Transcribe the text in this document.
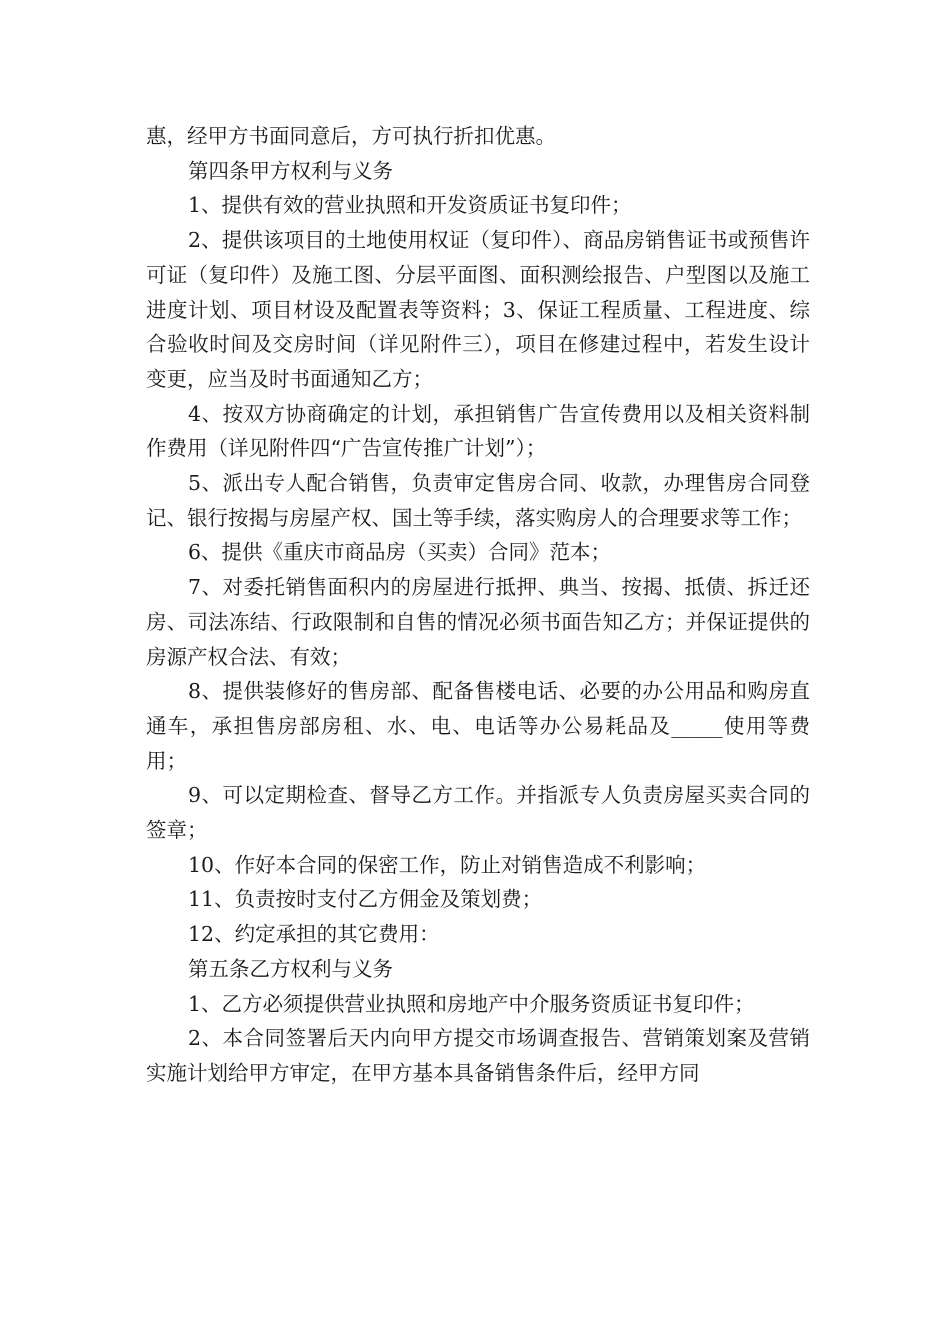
惠，经甲方书面同意后，方可执行折扣优惠。

第四条甲方权利与义务

1、提供有效的营业执照和开发资质证书复印件；

2、提供该项目的土地使用权证（复印件）、商品房销售证书或预售许可证（复印件）及施工图、分层平面图、面积测绘报告、户型图以及施工进度计划、项目材设及配置表等资料；3、保证工程质量、工程进度、综合验收时间及交房时间（详见附件三），项目在修建过程中，若发生设计变更，应当及时书面通知乙方；

4、按双方协商确定的计划，承担销售广告宣传费用以及相关资料制作费用（详见附件四“广告宣传推广计划”）；

5、派出专人配合销售，负责审定售房合同、收款，办理售房合同登记、银行按揭与房屋产权、国土等手续，落实购房人的合理要求等工作；

6、提供《重庆市商品房（买卖）合同》范本；

7、对委托销售面积内的房屋进行抵押、典当、按揭、抵债、拆迁还房、司法冻结、行政限制和自售的情况必须书面告知乙方；并保证提供的房源产权合法、有效；

8、提供装修好的售房部、配备售楼电话、必要的办公用品和购房直通车，承担售房部房租、水、电、电话等办公易耗品及_____使用等费用；

9、可以定期检查、督导乙方工作。并指派专人负责房屋买卖合同的签章；

10、作好本合同的保密工作，防止对销售造成不利影响；

11、负责按时支付乙方佣金及策划费；

12、约定承担的其它费用：

第五条乙方权利与义务

1、乙方必须提供营业执照和房地产中介服务资质证书复印件；

2、本合同签署后天内向甲方提交市场调查报告、营销策划案及营销实施计划给甲方审定，在甲方基本具备销售条件后，经甲方同
